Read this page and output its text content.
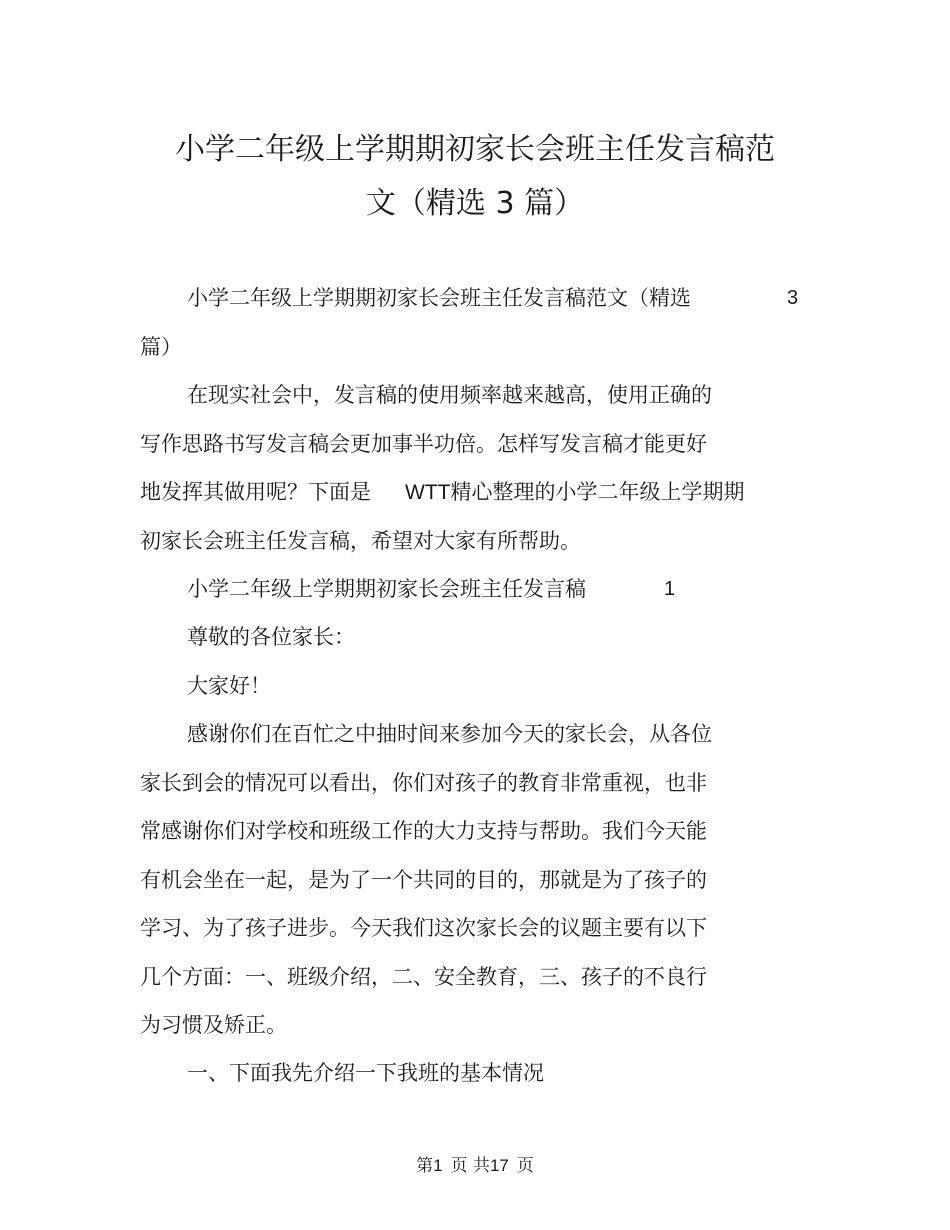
小学二年级上学期期初家长会班主任发言稿范
文（精选 3 篇）
小学二年级上学期期初家长会班主任发言稿范文（精选	3
篇）
在现实社会中，发言稿的使用频率越来越高，使用正确的
写作思路书写发言稿会更加事半功倍。怎样写发言稿才能更好
地发挥其做用呢？下面是 WTT精心整理的小学二年级上学期期
初家长会班主任发言稿，希望对大家有所帮助。
小学二年级上学期期初家长会班主任发言稿	1
尊敬的各位家长：
大家好！
感谢你们在百忙之中抽时间来参加今天的家长会，从各位
家长到会的情况可以看出，你们对孩子的教育非常重视，也非
常感谢你们对学校和班级工作的大力支持与帮助。我们今天能
有机会坐在一起，是为了一个共同的目的，那就是为了孩子的
学习、为了孩子进步。今天我们这次家长会的议题主要有以下
几个方面：一、班级介绍，二、安全教育，三、孩子的不良行
为习惯及矫正。
一、下面我先介绍一下我班的基本情况
第1 页 共17 页
